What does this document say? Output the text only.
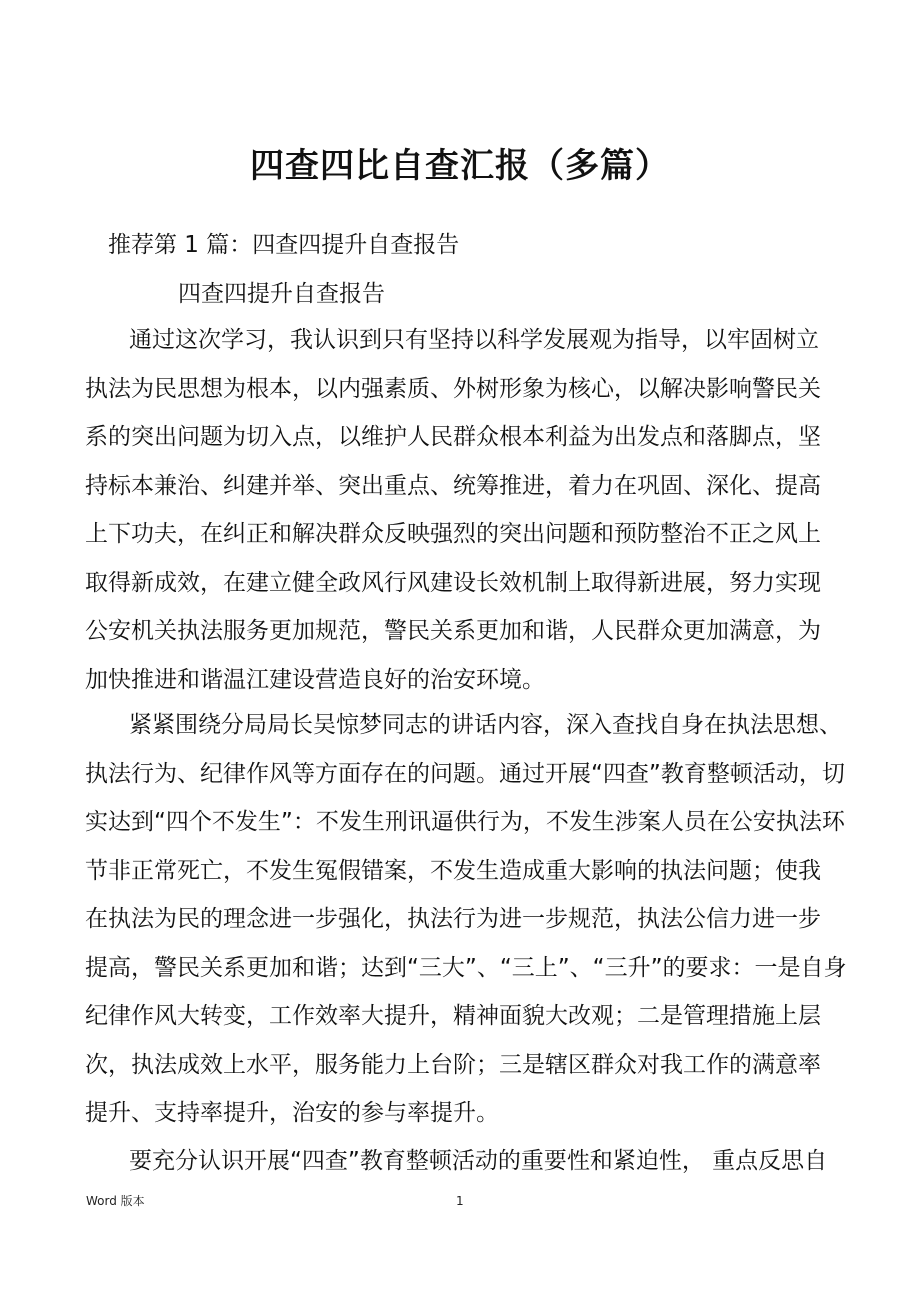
四查四比自查汇报（多篇）

推荐第 1 篇：四查四提升自查报告

四查四提升自查报告

通过这次学习，我认识到只有坚持以科学发展观为指导，以牢固树立
执法为民思想为根本，以内强素质、外树形象为核心，以解决影响警民关
系的突出问题为切入点，以维护人民群众根本利益为出发点和落脚点，坚
持标本兼治、纠建并举、突出重点、统筹推进，着力在巩固、深化、提高
上下功夫，在纠正和解决群众反映强烈的突出问题和预防整治不正之风上
取得新成效，在建立健全政风行风建设长效机制上取得新进展，努力实现
公安机关执法服务更加规范，警民关系更加和谐，人民群众更加满意，为
加快推进和谐温江建设营造良好的治安环境。
紧紧围绕分局局长吴惊梦同志的讲话内容，深入查找自身在执法思想、
执法行为、纪律作风等方面存在的问题。通过开展“四查”教育整顿活动，切
实达到“四个不发生”：不发生刑讯逼供行为，不发生涉案人员在公安执法环
节非正常死亡，不发生冤假错案，不发生造成重大影响的执法问题；使我
在执法为民的理念进一步强化，执法行为进一步规范，执法公信力进一步
提高，警民关系更加和谐；达到“三大”、“三上”、“三升”的要求：一是自身
纪律作风大转变，工作效率大提升，精神面貌大改观；二是管理措施上层
次，执法成效上水平，服务能力上台阶；三是辖区群众对我工作的满意率
提升、支持率提升，治安的参与率提升。
要充分认识开展“四查”教育整顿活动的重要性和紧迫性， 重点反思自

Word 版本	1
